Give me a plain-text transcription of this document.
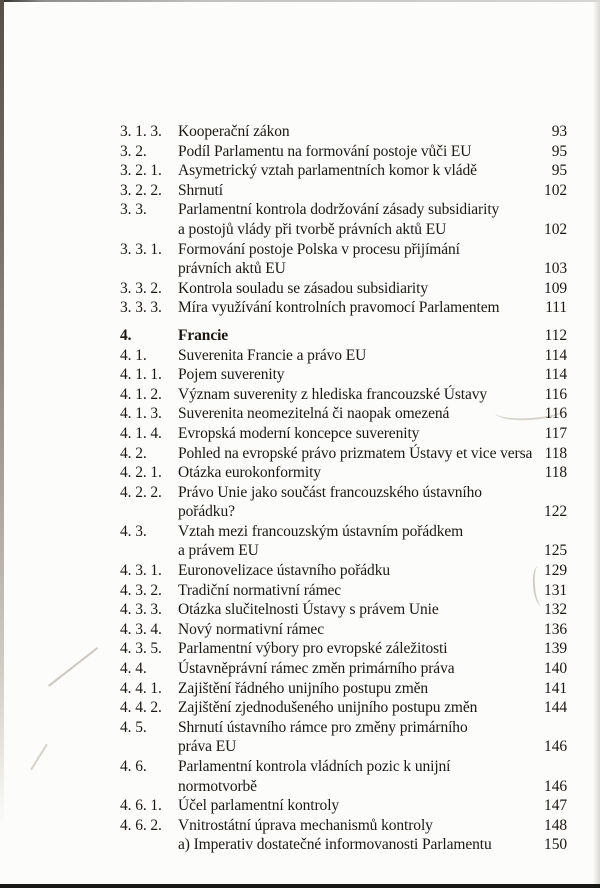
3. 1. 3.	Kooperační zákon	93
3. 2.	Podíl Parlamentu na formování postoje vůči EU	95
3. 2. 1.	Asymetrický vztah parlamentních komor k vládě	95
3. 2. 2.	Shrnutí	102
3. 3.	Parlamentní kontrola dodržování zásady subsidiarity
a postojů vlády při tvorbě právních aktů EU	102
3. 3. 1.	Formování postoje Polska v procesu přijímání
právních aktů EU	103
3. 3. 2.	Kontrola souladu se zásadou subsidiarity	109
3. 3. 3.	Míra využívání kontrolních pravomocí Parlamentem	111
4.	Francie	112
4. 1.	Suverenita Francie a právo EU	114
4. 1. 1.	Pojem suverenity	114
4. 1. 2.	Význam suverenity z hlediska francouzské Ústavy	116
4. 1. 3.	Suverenita neomezitelná či naopak omezená	116
4. 1. 4.	Evropská moderní koncepce suverenity	117
4. 2.	Pohled na evropské právo prizmatem Ústavy et vice versa 118
4. 2. 1.	Otázka eurokonformity	118
4. 2. 2.	Právo Unie jako součást francouzského ústavního
pořádku?	122
4. 3.	Vztah mezi francouzským ústavním pořádkem
a právem EU	125
4. 3. 1.	Euronovelizace ústavního pořádku	129
4. 3. 2.	Tradiční normativní rámec	131
4. 3. 3.	Otázka slučitelnosti Ústavy s právem Unie	132
4. 3. 4.	Nový normativní rámec	136
4. 3. 5.	Parlamentní výbory pro evropské záležitosti	139
4. 4.	Ústavněprávní rámec změn primárního práva	140
4. 4. 1.	Zajištění řádného unijního postupu změn	141
4. 4. 2.	Zajištění zjednodušeného unijního postupu změn	144
4. 5.	Shrnutí ústavního rámce pro změny primárního
práva EU	146
4. 6.	Parlamentní kontrola vládních pozic k unijní
normotvorbě	146
4. 6. 1.	Účel parlamentní kontroly	147
4. 6. 2.	Vnitrostátní úprava mechanismů kontroly	148
a) Imperativ dostatečné informovanosti Parlamentu	150
